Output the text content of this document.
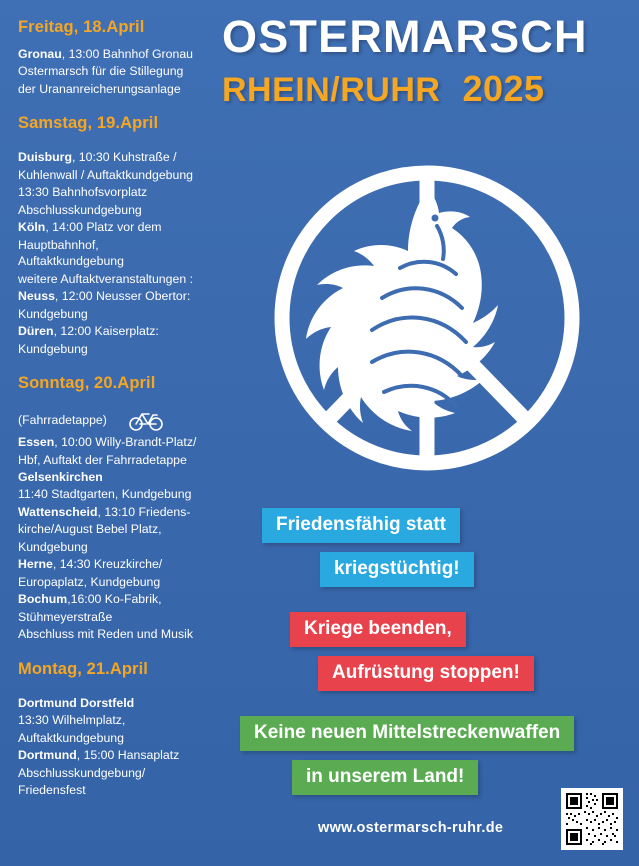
Freitag, 18.April

Gronau, 13:00 Bahnhof Gronau

Ostermarsch für die Stillegung

der Urananreicherungsanlage

Samstag, 19.April

Duisburg, 10:30 Kuhstraße /

Kuhlenwall / Auftaktkundgebung

13:30 Bahnhofsvorplatz

Abschlusskundgebung

Köln, 14:00 Platz vor dem

Hauptbahnhof, Auftaktkundgebung

weitere Auftaktveranstaltungen :

Neuss, 12:00 Neusser Obertor:

Kundgebung

Düren, 12:00 Kaiserplatz:

Kundgebung

Sonntag, 20.April

(Fahrradetappe)

Essen, 10:00 Willy-Brandt-Platz/

Hbf, Auftakt der Fahrradetappe

Gelsenkirchen

11:40 Stadtgarten, Kundgebung

Wattenscheid, 13:10 Friedens-

kirche/August Bebel Platz,

Kundgebung

Herne, 14:30 Kreuzkirche/

Europaplatz, Kundgebung

Bochum,16:00 Ko-Fabrik,

Stühmeyerstraße

Abschluss mit Reden und Musik

Montag, 21.April

Dortmund Dorstfeld

13:30 Wilhelmplatz,

Auftaktkundgebung

Dortmund, 15:00 Hansaplatz

Abschlusskundgebung/

Friedensfest

OSTERMARSCH
RHEIN/RUHR 2025
Friedensfähig statt
kriegstüchtig!
Kriege beenden,
Aufrüstung stoppen!
Keine neuen Mittelstreckenwaffen
in unserem Land!
www.ostermarsch-ruhr.de
